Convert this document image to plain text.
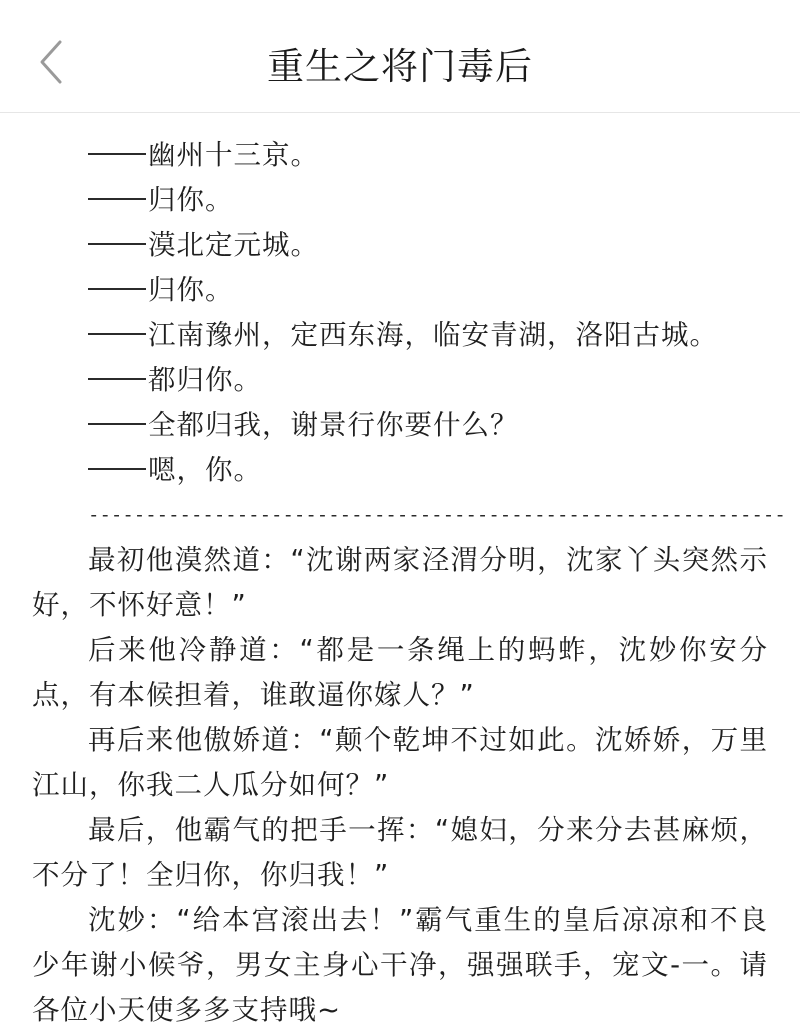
重生之将门毒后
幽州十三京。
归你。
漠北定元城。
归你。
江南豫州，定西东海，临安青湖，洛阳古城。
都归你。
全都归我，谢景行你要什么？
嗯，你。
-------------------------------------------------------------
最初他漠然道：“沈谢两家泾渭分明，沈家丫头突然示好，不怀好意！”
后来他冷静道：“都是一条绳上的蚂蚱，沈妙你安分点，有本候担着，谁敢逼你嫁人？”
再后来他傲娇道：“颠个乾坤不过如此。沈娇娇，万里江山，你我二人瓜分如何？”
最后，他霸气的把手一挥：“媳妇，分来分去甚麻烦，不分了！全归你，你归我！”
沈妙：“给本宫滚出去！”霸气重生的皇后凉凉和不良少年谢小候爷，男女主身心干净，强强联手，宠文-一。请各位小天使多多支持哦~
